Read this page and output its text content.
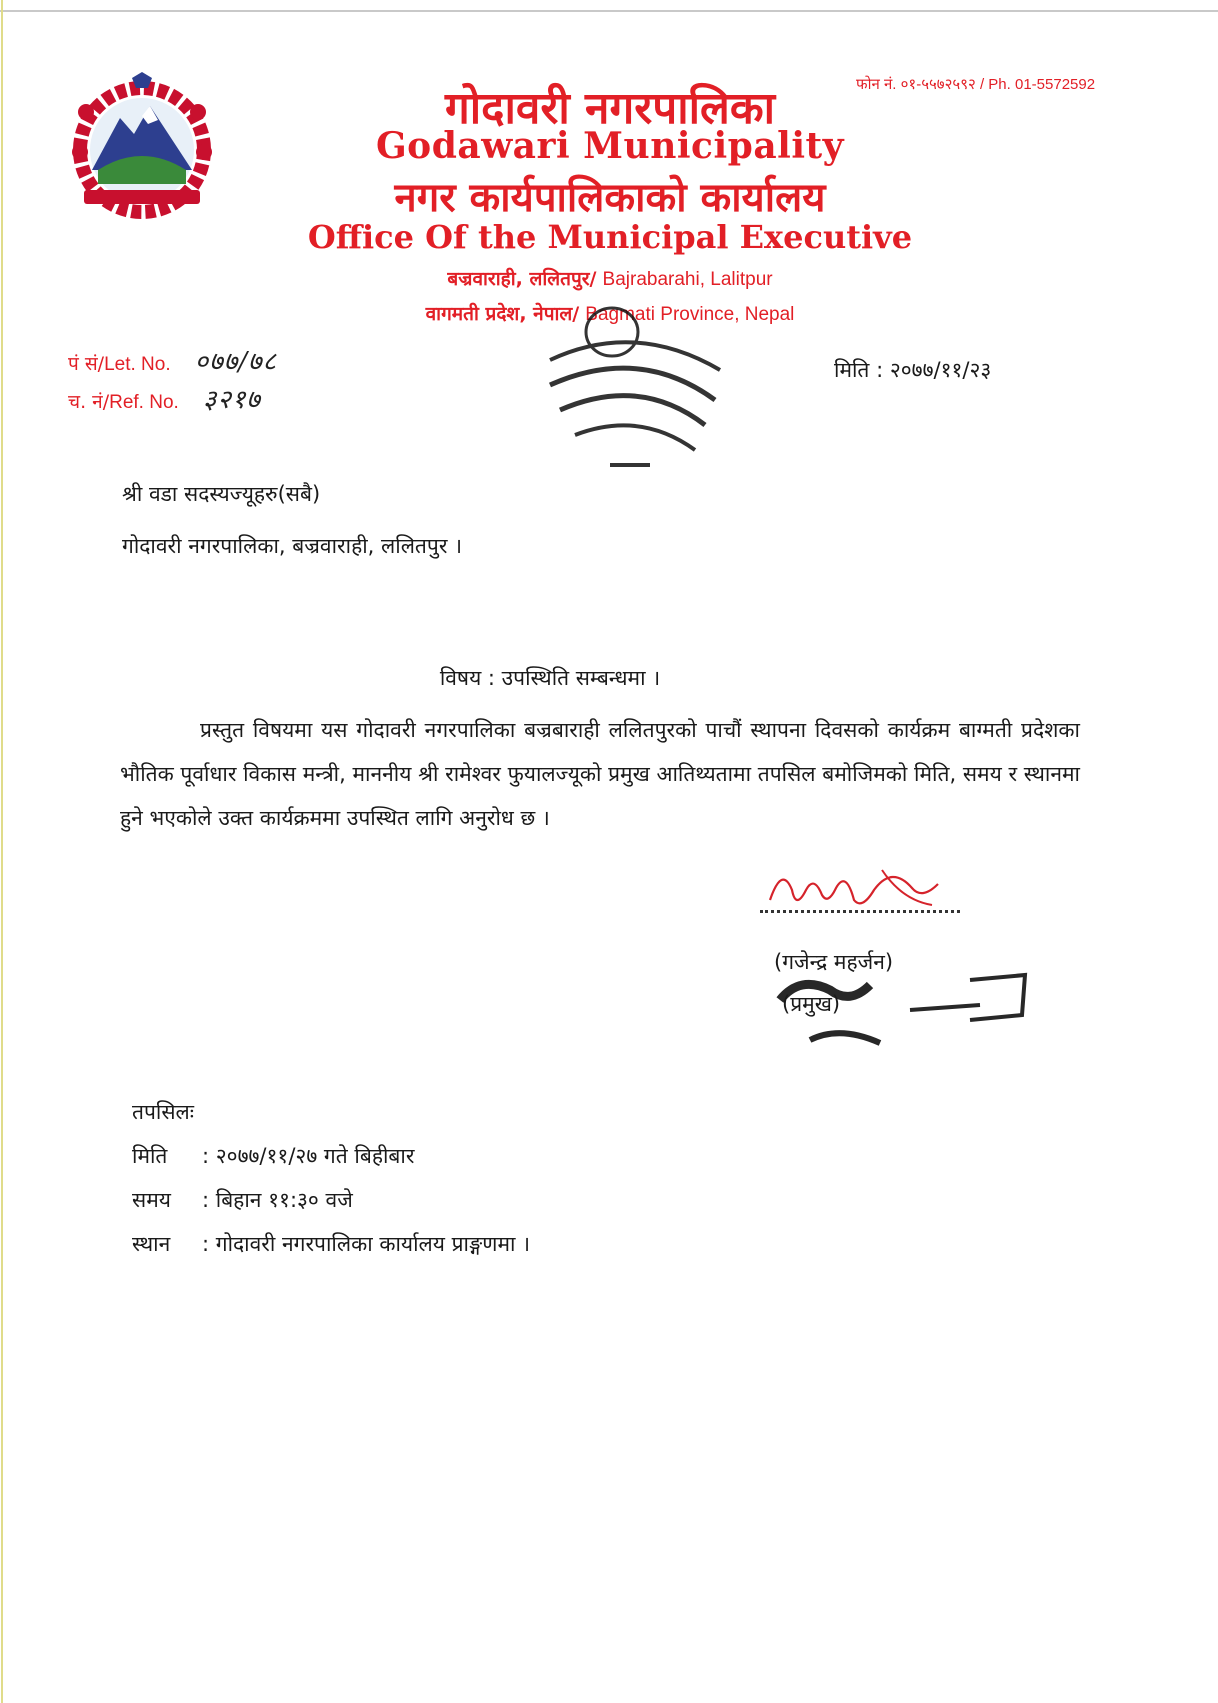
फोन नं. ०१-५५७२५९२ / Ph. 01-5572592
गोदावरी नगरपालिका
Godawari Municipality
नगर कार्यपालिकाको कार्यालय
Office Of the Municipal Executive
बज्रवाराही, ललितपुर/ Bajrabarahi, Lalitpur
वागमती प्रदेश, नेपाल/ Bagmati Province, Nepal
पं सं/Let. No. ०७७/७८
च. नं/Ref. No. ३२१७
मिति : २०७७/११/२३
श्री वडा सदस्यज्यूहरु(सबै)
गोदावरी नगरपालिका, बज्रवाराही, ललितपुर ।
विषय : उपस्थिति सम्बन्धमा ।
प्रस्तुत विषयमा यस गोदावरी नगरपालिका बज्रबाराही ललितपुरको पाचौं स्थापना दिवसको कार्यक्रम बाग्मती प्रदेशका भौतिक पूर्वाधार विकास मन्त्री, माननीय श्री रामेश्वर फुयालज्यूको प्रमुख आतिथ्यतामा तपसिल बमोजिमको मिति, समय र स्थानमा हुने भएकोले उक्त कार्यक्रममा उपस्थित लागि अनुरोध छ ।
(गजेन्द्र महर्जन)
(प्रमुख)
तपसिलः
मिति : २०७७/११/२७ गते बिहीबार
समय : बिहान ११:३० वजे
स्थान : गोदावरी नगरपालिका कार्यालय प्राङ्गणमा ।
